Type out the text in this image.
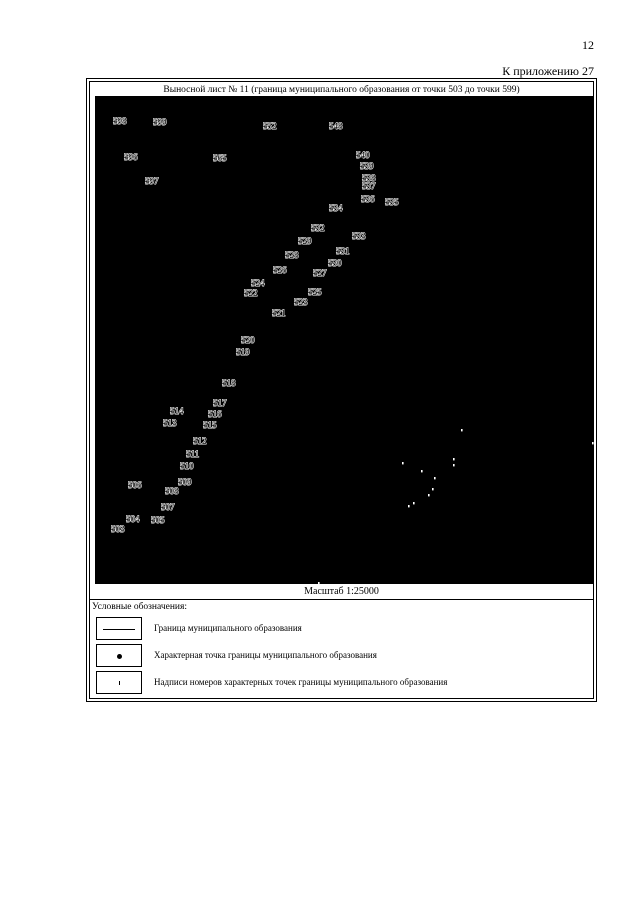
12
К приложению 27
Выносной лист № 11 (граница муниципального образования от точки 503 до точки 599)
598	599	552	548
596	565	540
539
597	538
537
536 535
534
532
533
529
531
528
530
526	527
524
522	525
523
521
520
519
518
517
514	516
513	515
512
511
510
506	509
508
507
504 505
503
Масштаб 1:25000
Условные обозначения:
Граница муниципального образования
Характерная точка границы муниципального образования
Надписи номеров характерных точек границы муниципального образования
